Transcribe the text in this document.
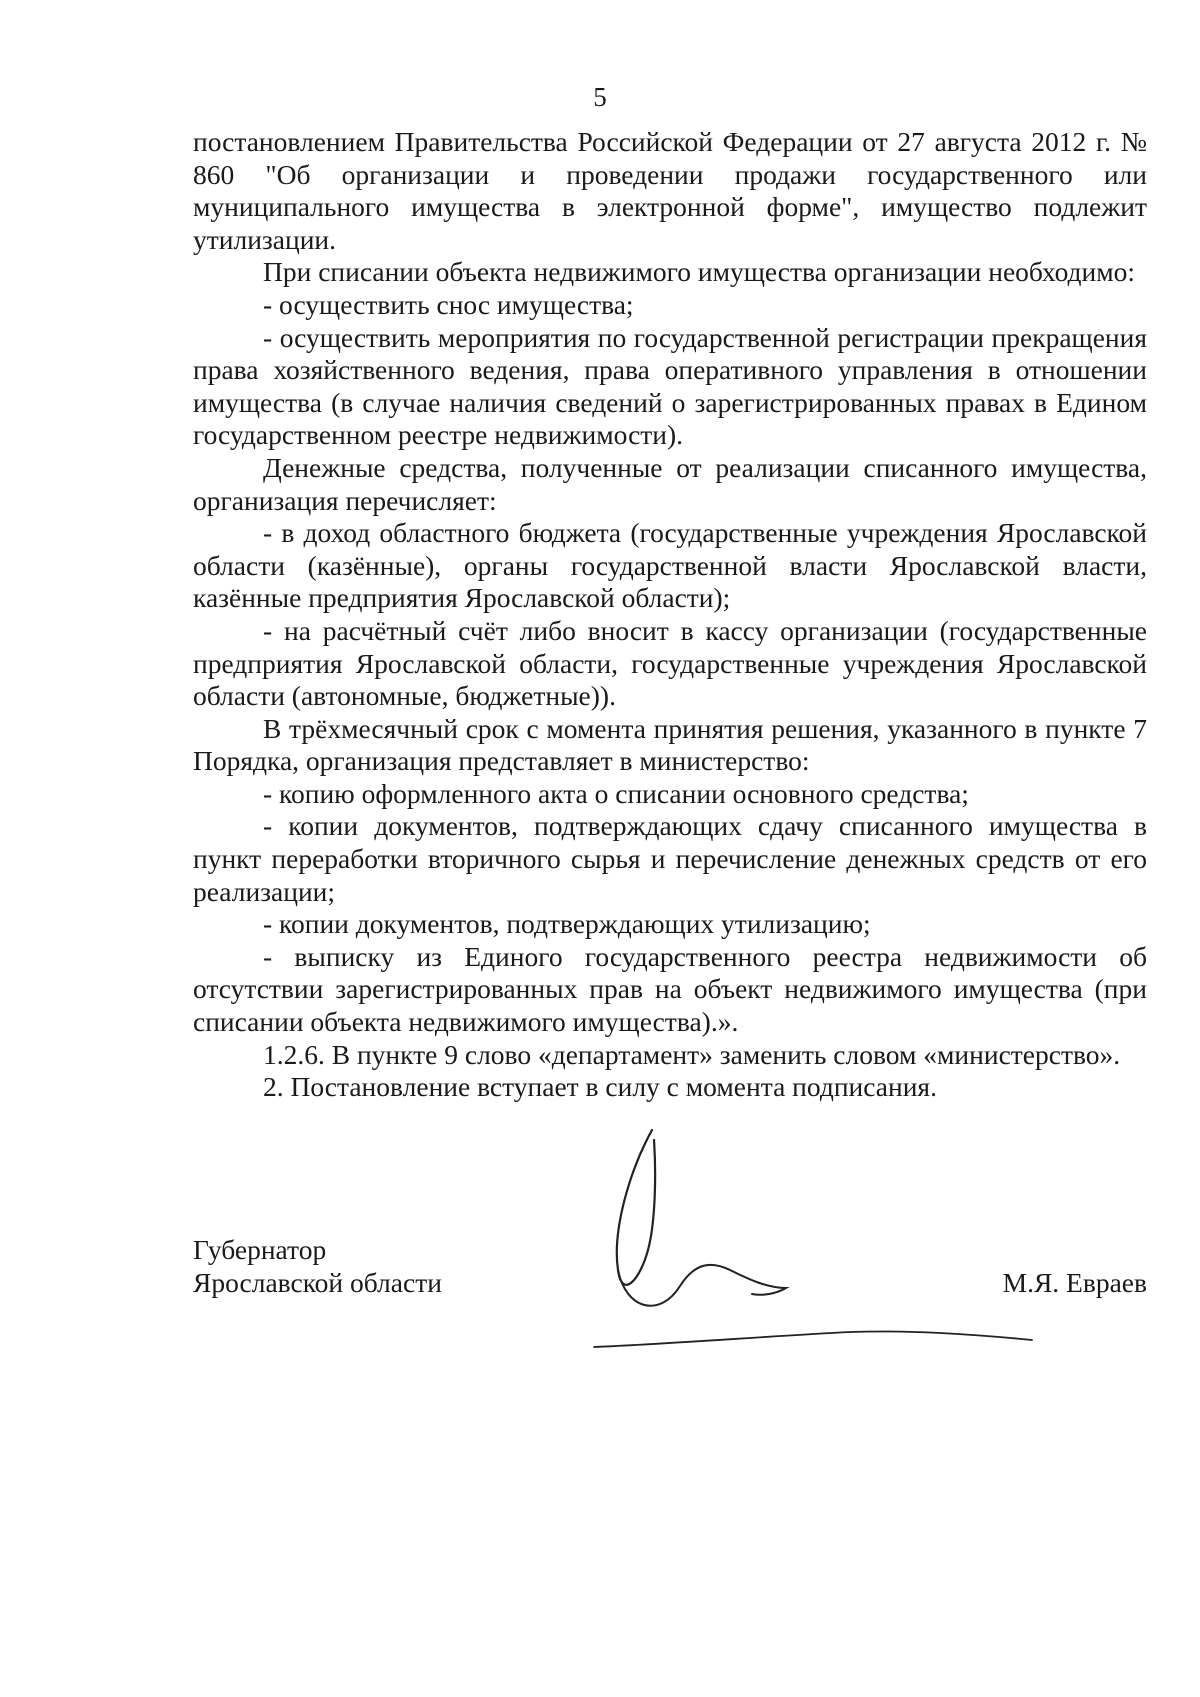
5

постановлением Правительства Российской Федерации от 27 августа 2012 г. № 860 "Об организации и проведении продажи государственного или муниципального имущества в электронной форме", имущество подлежит утилизации.

При списании объекта недвижимого имущества организации необходимо:

- осуществить снос имущества;

- осуществить мероприятия по государственной регистрации прекращения права хозяйственного ведения, права оперативного управления в отношении имущества (в случае наличия сведений о зарегистрированных правах в Едином государственном реестре недвижимости).

Денежные средства, полученные от реализации списанного имущества, организация перечисляет:

- в доход областного бюджета (государственные учреждения Ярославской области (казённые), органы государственной власти Ярославской власти, казённые предприятия Ярославской области);

- на расчётный счёт либо вносит в кассу организации (государственные предприятия Ярославской области, государственные учреждения Ярославской области (автономные, бюджетные)).

В трёхмесячный срок с момента принятия решения, указанного в пункте 7 Порядка, организация представляет в министерство:

- копию оформленного акта о списании основного средства;

- копии документов, подтверждающих сдачу списанного имущества в пункт переработки вторичного сырья и перечисление денежных средств от его реализации;

- копии документов, подтверждающих утилизацию;

- выписку из Единого государственного реестра недвижимости об отсутствии зарегистрированных прав на объект недвижимого имущества (при списании объекта недвижимого имущества).».

1.2.6. В пункте 9 слово «департамент» заменить словом «министерство».

2. Постановление вступает в силу с момента подписания.

Губернатор
Ярославской области	М.Я. Евраев
